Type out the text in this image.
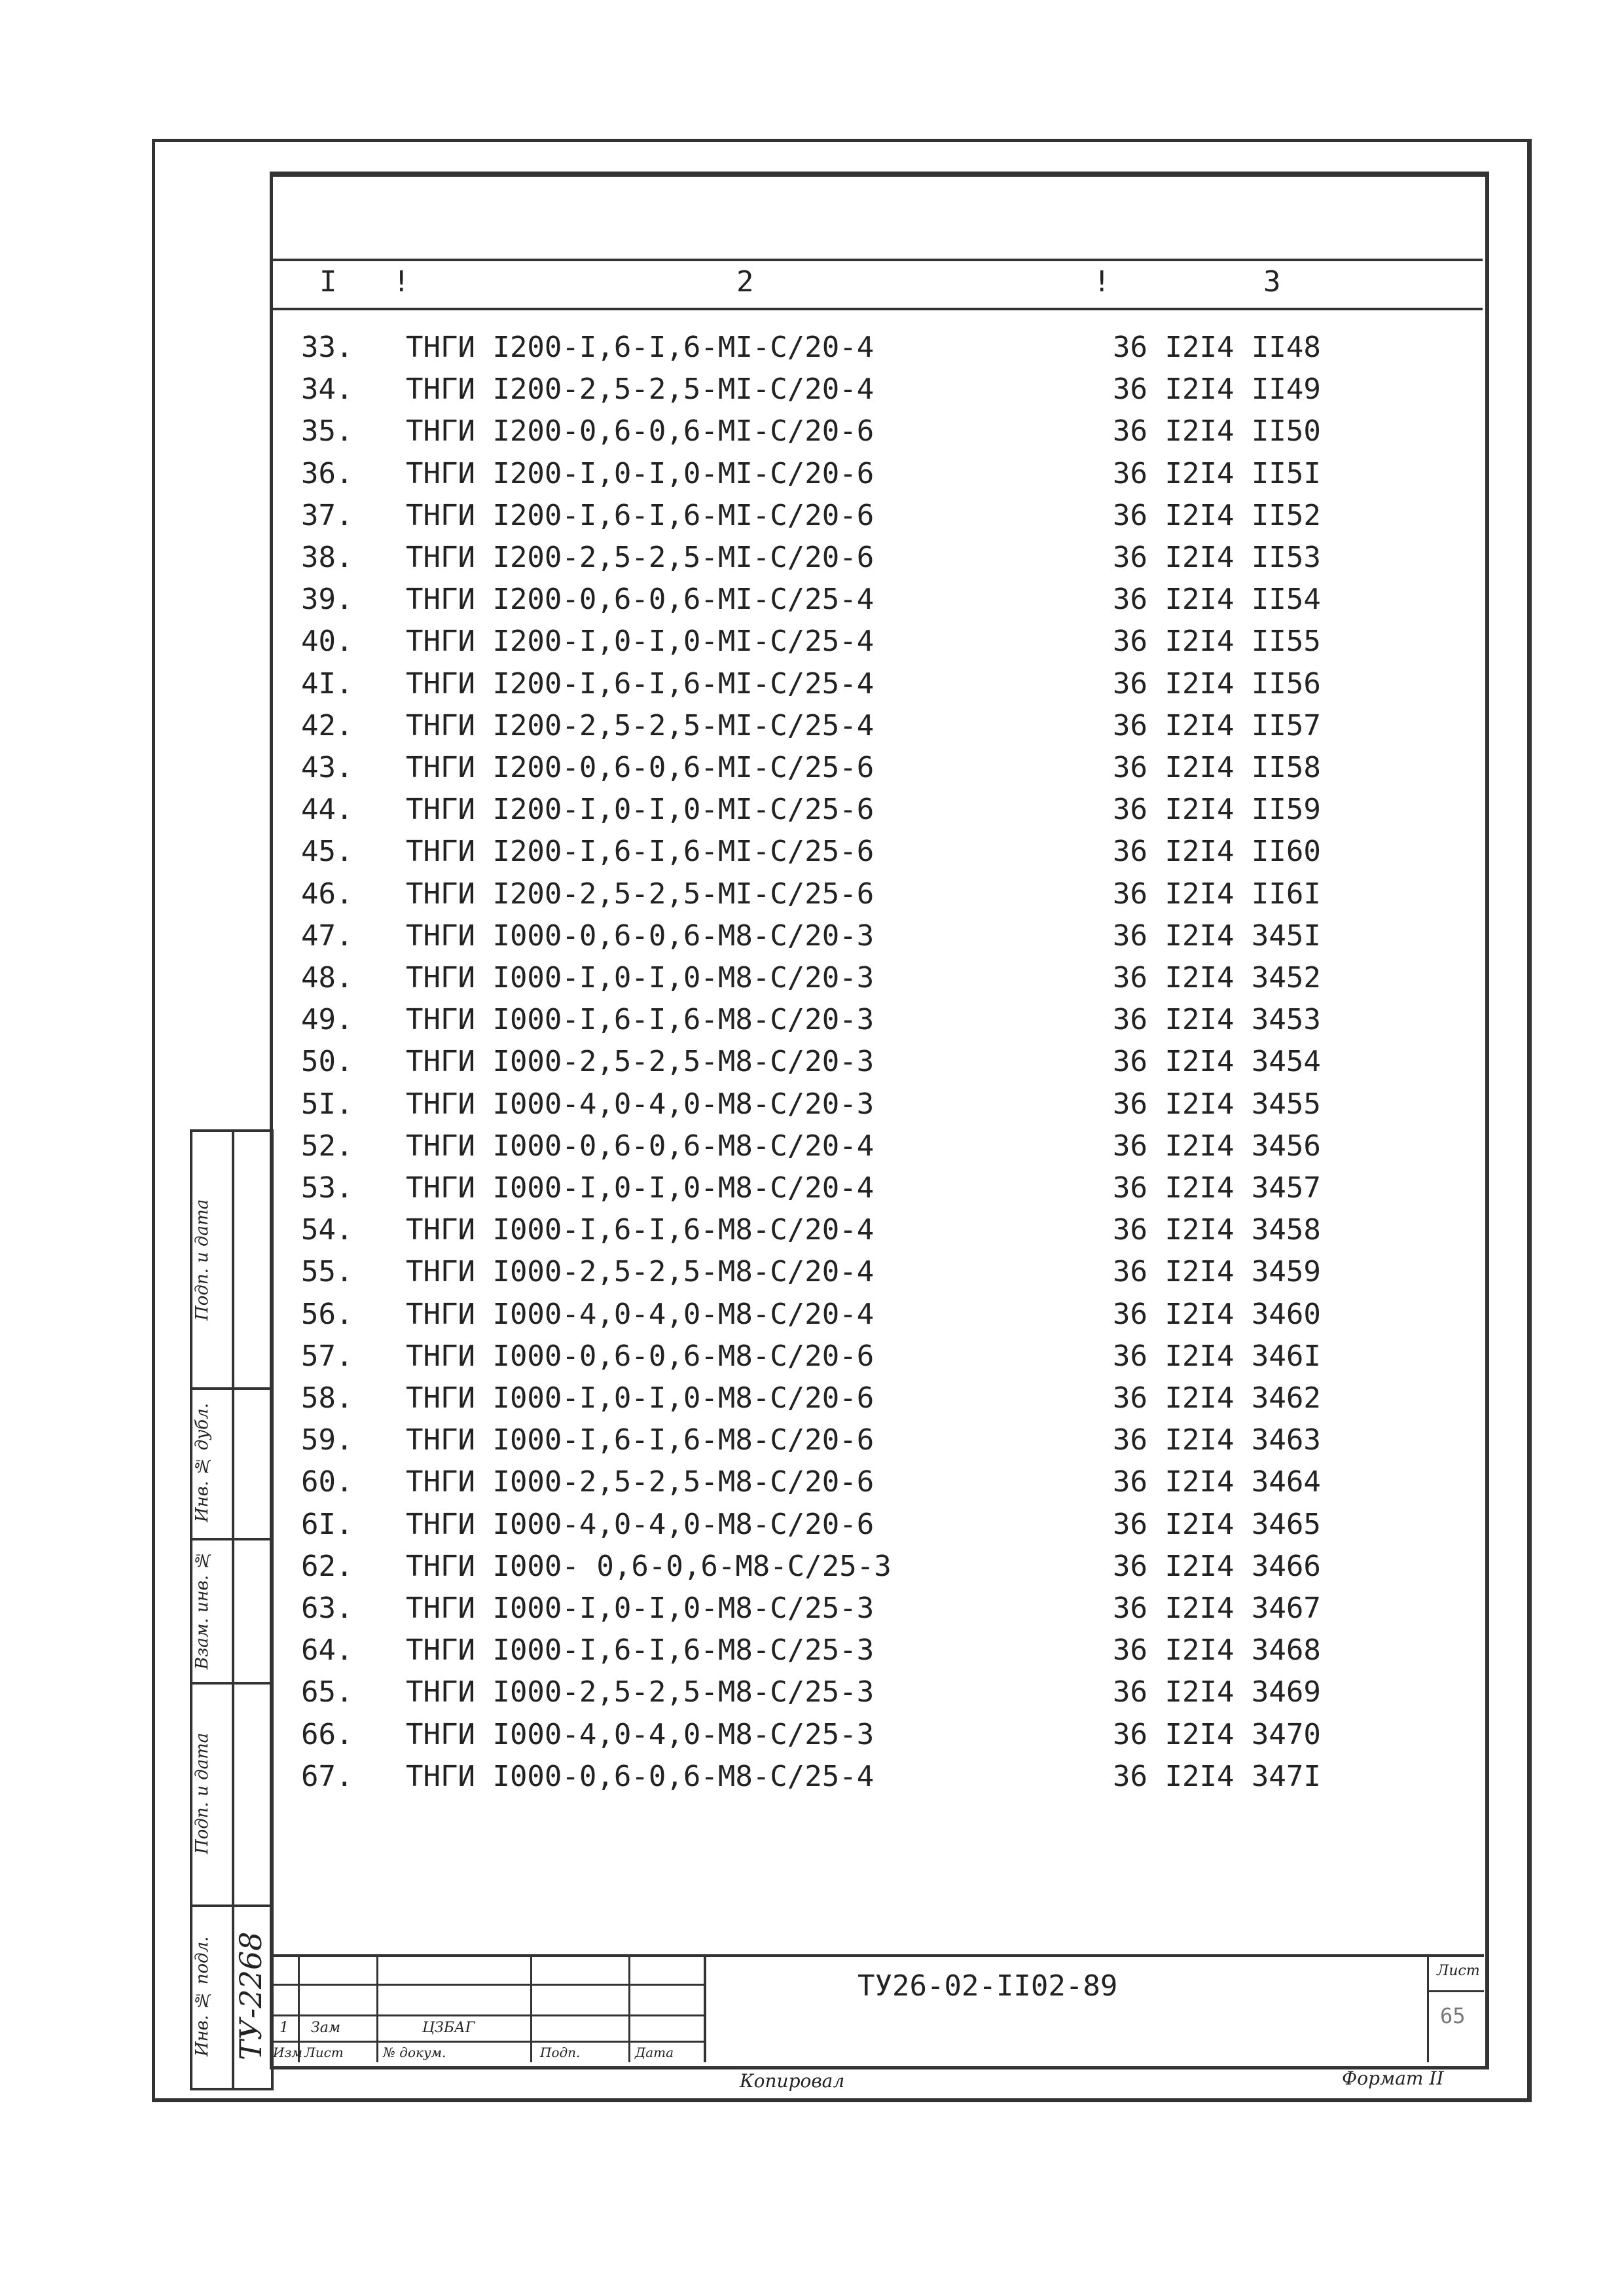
I !	2	!	3
33.	ТНГИ I200-I,6-I,6-МI-С/20-4	36 I2I4 II48
34.	ТНГИ I200-2,5-2,5-МI-С/20-4	36 I2I4 II49
35.	ТНГИ I200-0,6-0,6-МI-С/20-6	36 I2I4 II50
36.	ТНГИ I200-I,0-I,0-МI-С/20-6	36 I2I4 II5I
37.	ТНГИ I200-I,6-I,6-МI-С/20-6	36 I2I4 II52
38.	ТНГИ I200-2,5-2,5-МI-С/20-6	36 I2I4 II53
39.	ТНГИ I200-0,6-0,6-МI-С/25-4	36 I2I4 II54
40.	ТНГИ I200-I,0-I,0-МI-С/25-4	36 I2I4 II55
4I.	ТНГИ I200-I,6-I,6-МI-С/25-4	36 I2I4 II56
42.	ТНГИ I200-2,5-2,5-МI-С/25-4	36 I2I4 II57
43.	ТНГИ I200-0,6-0,6-МI-С/25-6	36 I2I4 II58
44.	ТНГИ I200-I,0-I,0-МI-С/25-6	36 I2I4 II59
45.	ТНГИ I200-I,6-I,6-МI-С/25-6	36 I2I4 II60
46.	ТНГИ I200-2,5-2,5-МI-С/25-6	36 I2I4 II6I
47.	ТНГИ I000-0,6-0,6-М8-С/20-3	36 I2I4 345I
48.	ТНГИ I000-I,0-I,0-М8-С/20-3	36 I2I4 3452
49.	ТНГИ I000-I,6-I,6-М8-С/20-3	36 I2I4 3453
50.	ТНГИ I000-2,5-2,5-М8-С/20-3	36 I2I4 3454
5I.	ТНГИ I000-4,0-4,0-М8-С/20-3	36 I2I4 3455
52.	ТНГИ I000-0,6-0,6-М8-С/20-4	36 I2I4 3456
53.	ТНГИ I000-I,0-I,0-М8-С/20-4	36 I2I4 3457
54.	ТНГИ I000-I,6-I,6-М8-С/20-4	36 I2I4 3458
55.	ТНГИ I000-2,5-2,5-М8-С/20-4	36 I2I4 3459
56.	ТНГИ I000-4,0-4,0-М8-С/20-4	36 I2I4 3460
57.	ТНГИ I000-0,6-0,6-М8-С/20-6	36 I2I4 346I
58.	ТНГИ I000-I,0-I,0-М8-С/20-6	36 I2I4 3462
59.	ТНГИ I000-I,6-I,6-М8-С/20-6	36 I2I4 3463
60.	ТНГИ I000-2,5-2,5-М8-С/20-6	36 I2I4 3464
6I.	ТНГИ I000-4,0-4,0-М8-С/20-6	36 I2I4 3465
62.	ТНГИ I000- 0,6-0,6-М8-С/25-3	36 I2I4 3466
63.	ТНГИ I000-I,0-I,0-М8-С/25-3	36 I2I4 3467
64.	ТНГИ I000-I,6-I,6-М8-С/25-3	36 I2I4 3468
65.	ТНГИ I000-2,5-2,5-М8-С/25-3	36 I2I4 3469
66.	ТНГИ I000-4,0-4,0-М8-С/25-3	36 I2I4 3470
67.	ТНГИ I000-0,6-0,6-М8-С/25-4	36 I2I4 347I
Подп. и дата
Инв. № дубл.
Взам. инв. №
Подп. и дата
Инв. № подл. ТУ-2268 1 Зам	ЦЗБАГ
Изм Лист	№ докум.	Подп.	Дата
ТУ26-02-II02-89	Лист
65
Копировал	Формат II
